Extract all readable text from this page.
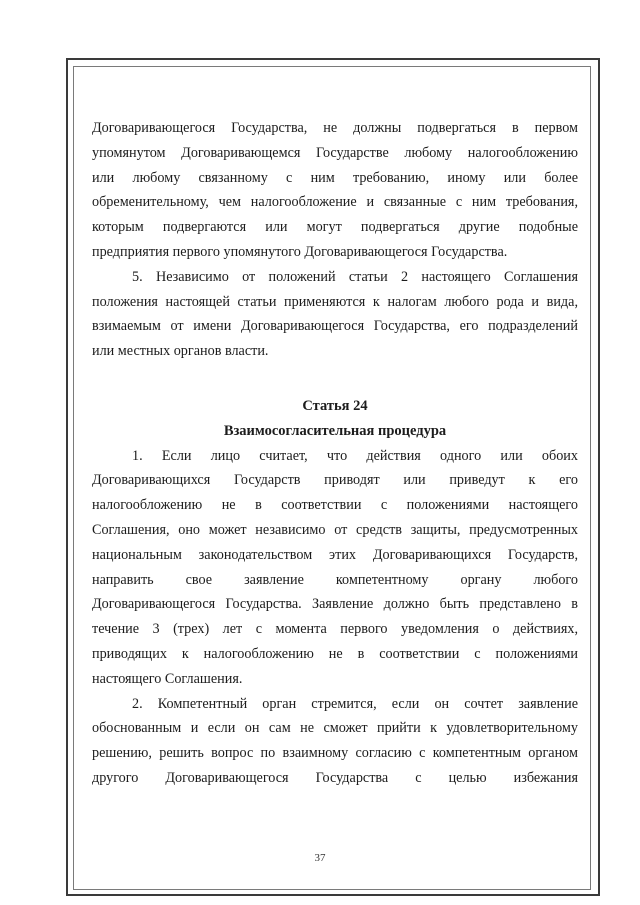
Договаривающегося Государства, не должны подвергаться в первом

упомянутом Договаривающемся Государстве любому налогообложению

или любому связанному с ним требованию, иному или более

обременительному, чем налогообложение и связанные с ним требования,

которым подвергаются или могут подвергаться другие подобные

предприятия первого упомянутого Договаривающегося Государства.

5. Независимо от положений статьи 2 настоящего Соглашения

положения настоящей статьи применяются к налогам любого рода и вида,

взимаемым от имени Договаривающегося Государства, его подразделений

или местных органов власти.

Статья 24
Взаимосогласительная процедура

1. Если лицо считает, что действия одного или обоих

Договаривающихся Государств приводят или приведут к его

налогообложению не в соответствии с положениями настоящего

Соглашения, оно может независимо от средств защиты, предусмотренных

национальным законодательством этих Договаривающихся Государств,

направить свое заявление компетентному органу любого

Договаривающегося Государства. Заявление должно быть представлено в

течение 3 (трех) лет с момента первого уведомления о действиях,

приводящих к налогообложению не в соответствии с положениями

настоящего Соглашения.

2. Компетентный орган стремится, если он сочтет заявление

обоснованным и если он сам не сможет прийти к удовлетворительному

решению, решить вопрос по взаимному согласию с компетентным органом

другого Договаривающегося Государства с целью избежания

37
